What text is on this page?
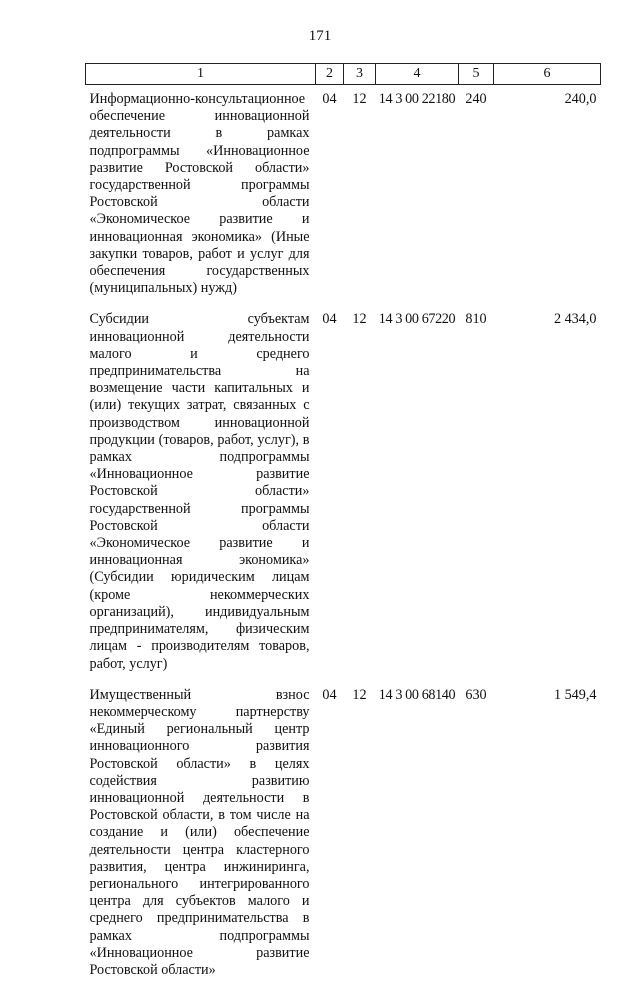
171
1	2	3	4	5	6
Информационно-консультационное обеспечение инновационной деятельности в рамках подпрограммы «Инновационное развитие Ростовской области» государственной программы Ростовской области «Экономическое развитие и инновационная экономика» (Иные закупки товаров, работ и услуг для обеспечения государственных (муниципальных) нужд)	04	12	14 3 00 22180	240	240,0
Субсидии субъектам инновационной деятельности малого и среднего предпринимательства на возмещение части капитальных и (или) текущих затрат, связанных с производством инновационной продукции (товаров, работ, услуг), в рамках подпрограммы «Инновационное развитие Ростовской области» государственной программы Ростовской области «Экономическое развитие и инновационная экономика» (Субсидии юридическим лицам (кроме некоммерческих организаций), индивидуальным предпринимателям, физическим лицам - производителям товаров, работ, услуг)	04	12	14 3 00 67220	810	2 434,0
Имущественный взнос некоммерческому партнерству «Единый региональный центр инновационного развития Ростовской области» в целях содействия развитию инновационной деятельности в Ростовской области, в том числе на создание и (или) обеспечение деятельности центра кластерного развития, центра инжиниринга, регионального интегрированного центра для субъектов малого и среднего предпринимательства в рамках подпрограммы «Инновационное развитие Ростовской области»	04	12	14 3 00 68140	630	1 549,4
